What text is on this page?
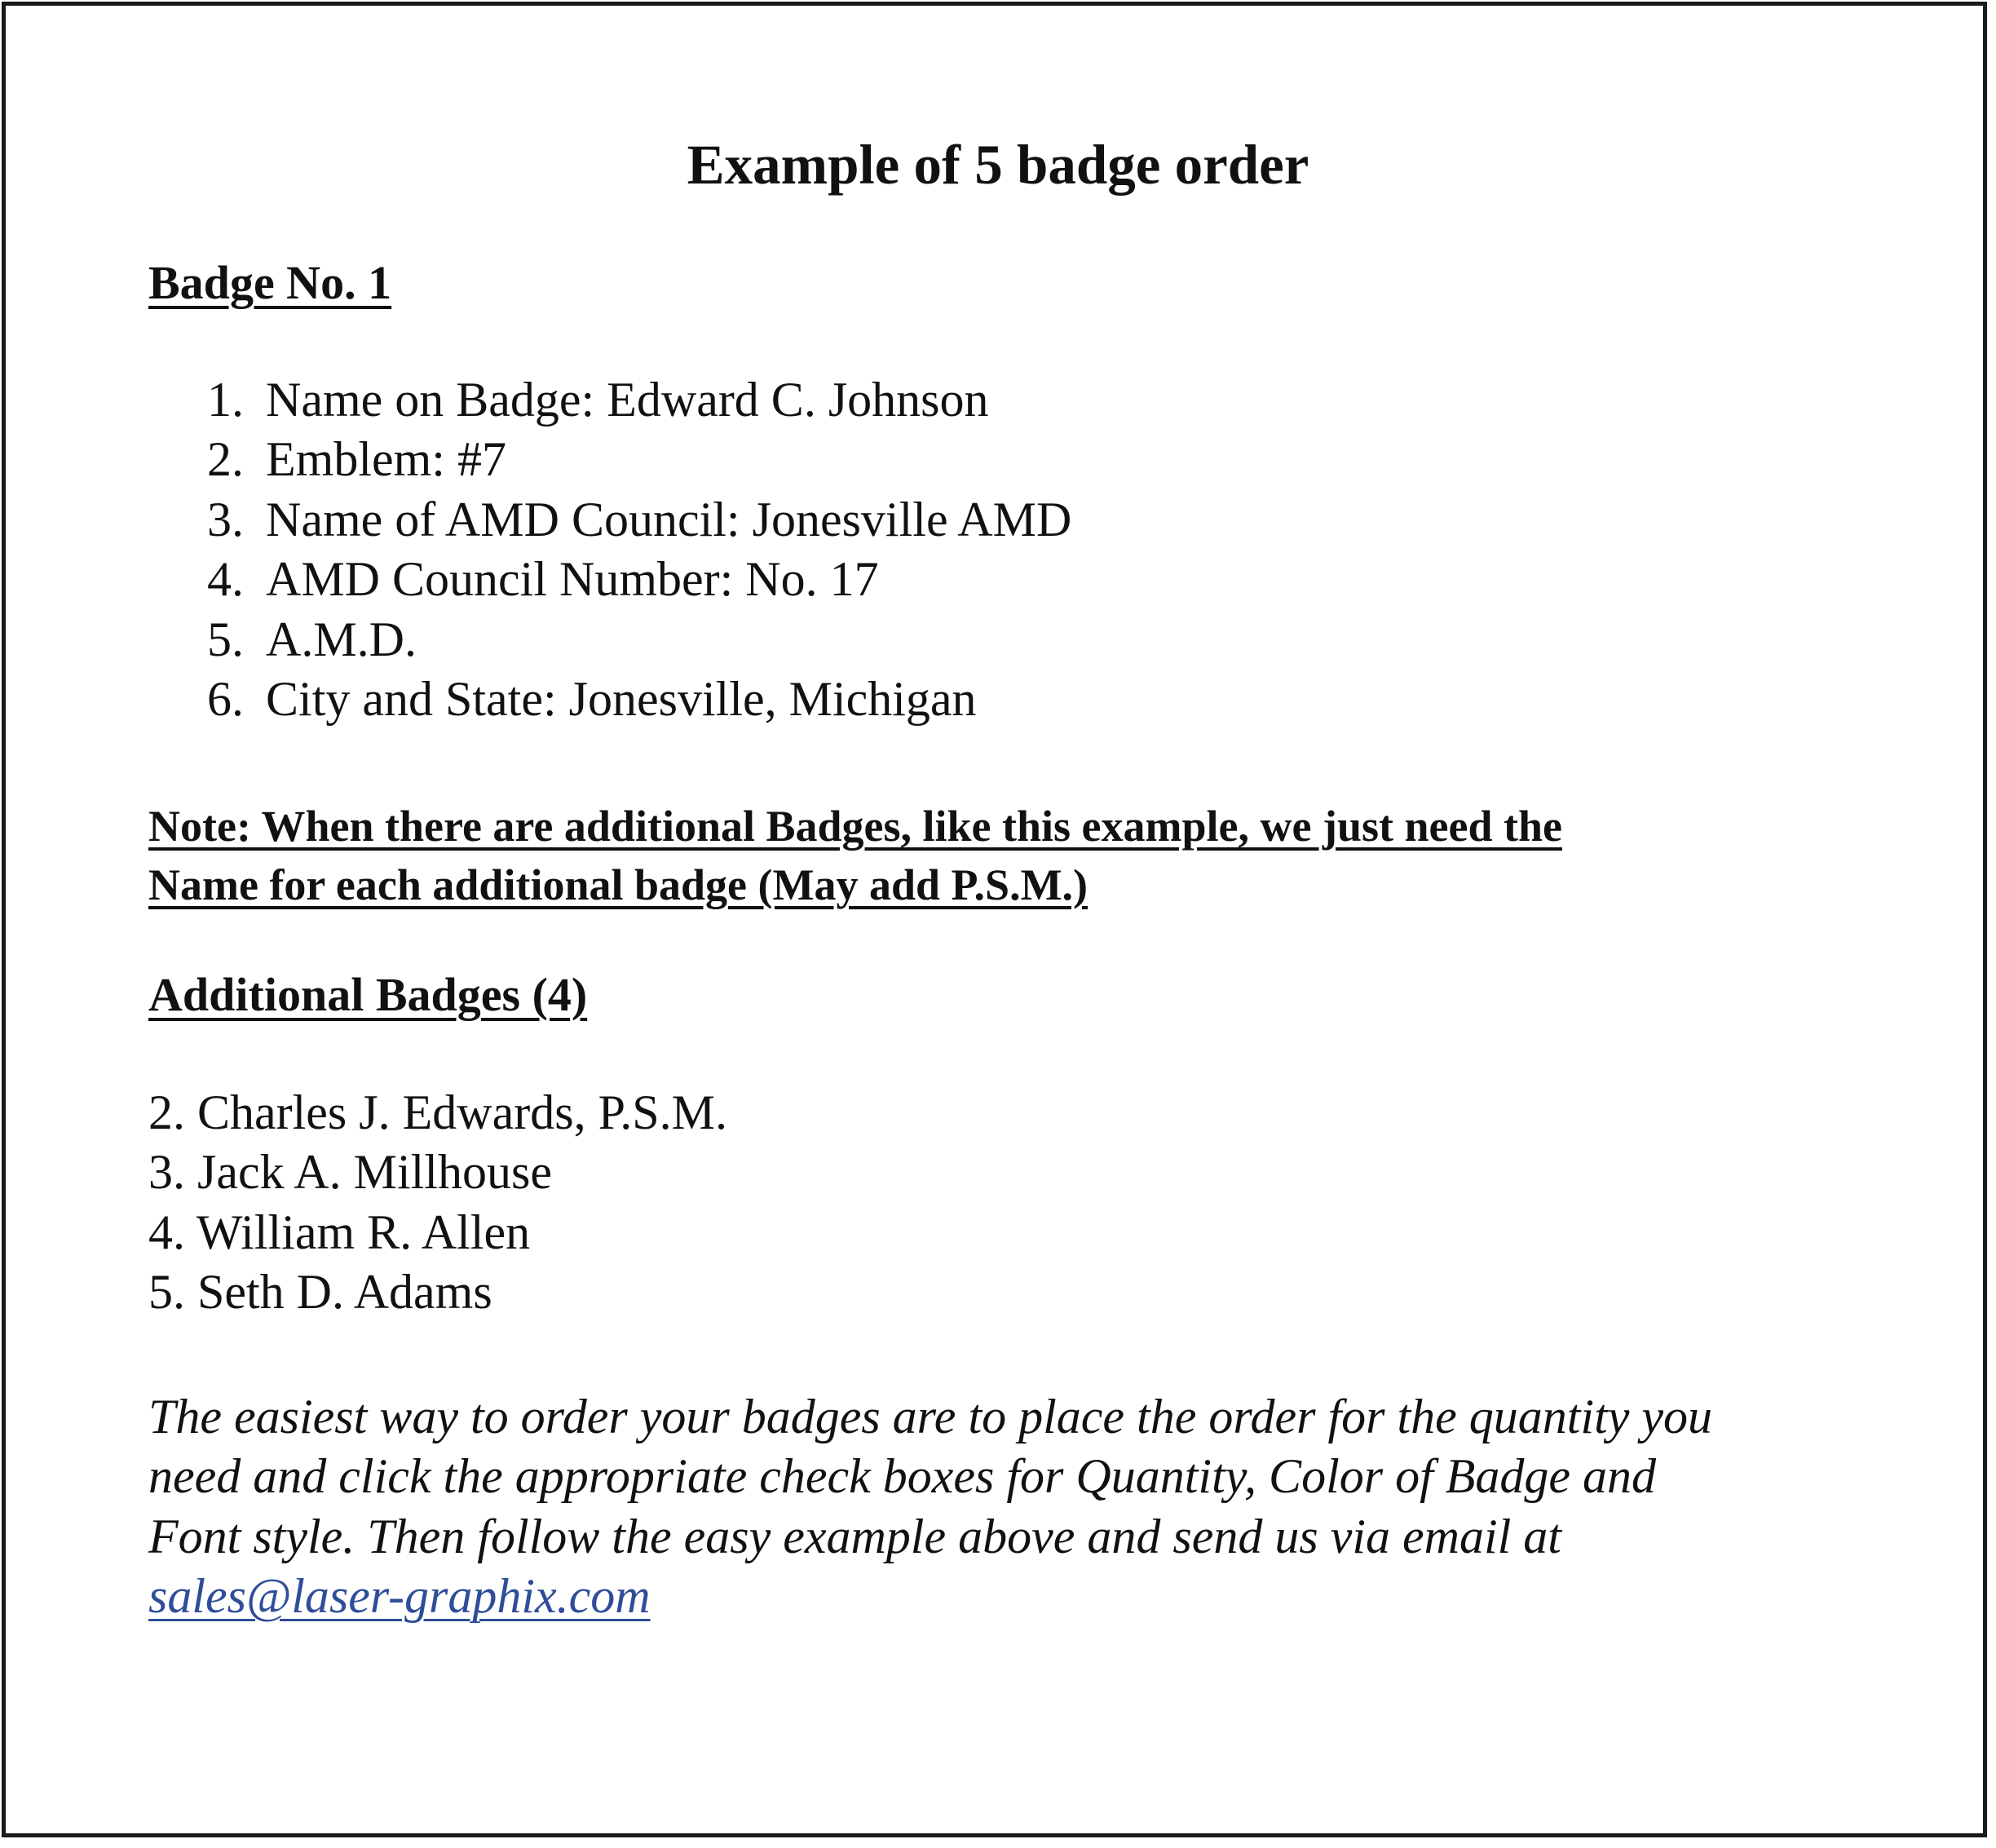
Example of 5 badge order
Badge No. 1
1. Name on Badge: Edward C. Johnson
2. Emblem: #7
3. Name of AMD Council: Jonesville AMD
4. AMD Council Number: No. 17
5. A.M.D.
6. City and State: Jonesville, Michigan

Note: When there are additional Badges, like this example, we just need the
Name for each additional badge (May add P.S.M.)

Additional Badges (4)
2. Charles J. Edwards, P.S.M.
3. Jack A. Millhouse
4. William R. Allen
5. Seth D. Adams

The easiest way to order your badges are to place the order for the quantity you
need and click the appropriate check boxes for Quantity, Color of Badge and
Font style. Then follow the easy example above and send us via email at
sales@laser-graphix.com
